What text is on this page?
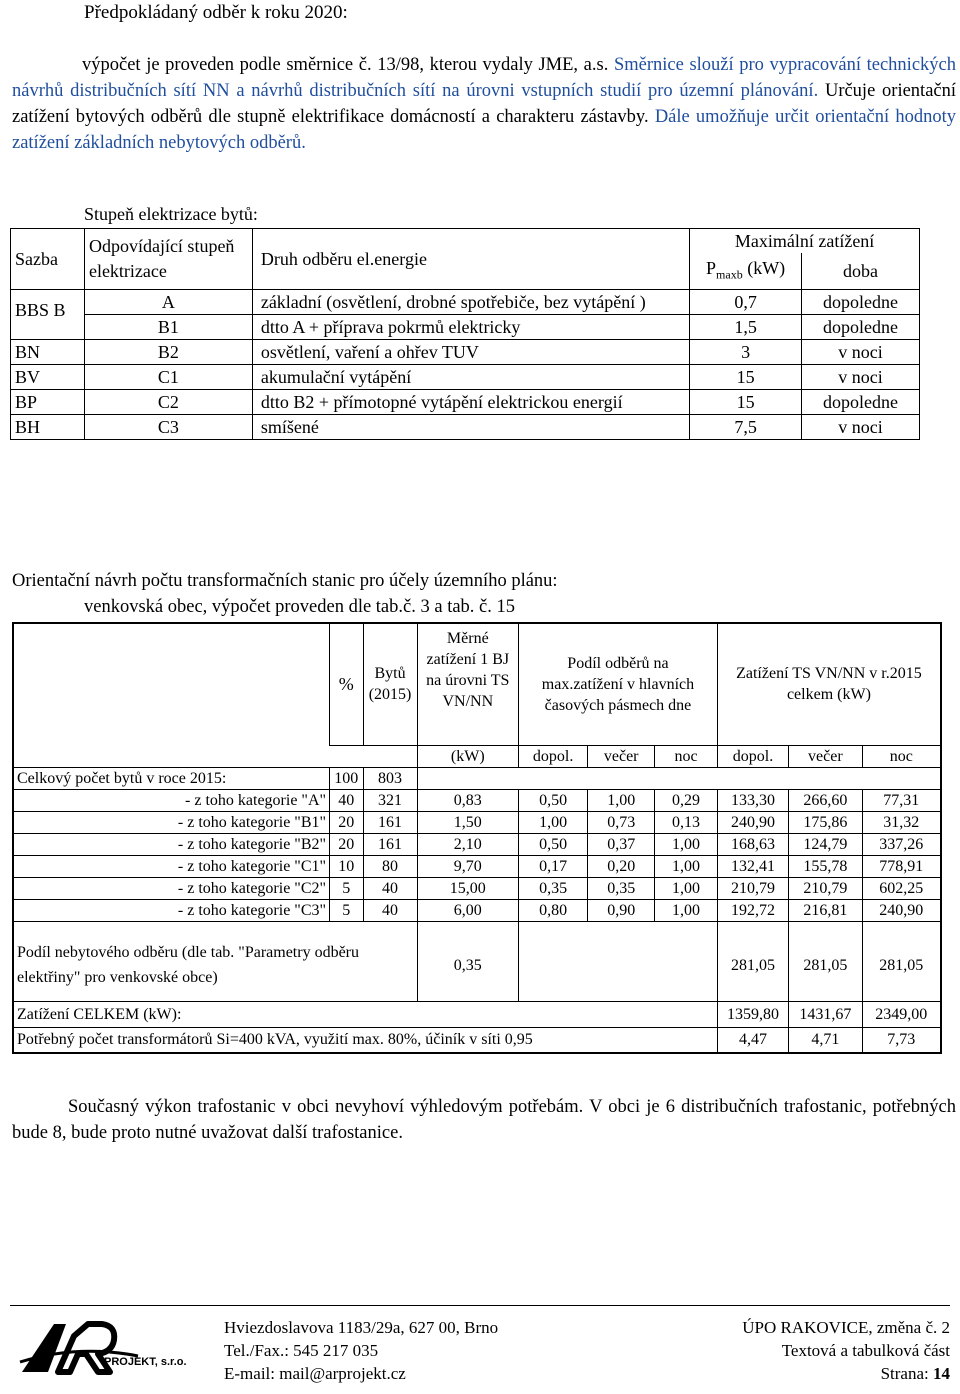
Předpokládaný odběr k roku 2020:
výpočet je proveden podle směrnice č. 13/98, kterou vydaly JME, a.s. Směrnice slouží pro vypracování technických návrhů distribučních sítí NN a návrhů distribučních sítí na úrovni vstupních studií pro územní plánování. Určuje orientační zatížení bytových odběrů dle stupně elektrifikace domácností a charakteru zástavby. Dále umožňuje určit orientační hodnoty zatížení základních nebytových odběrů.
Stupeň elektrizace bytů:
Sazba	Odpovídající stupeň elektrizace	Druh odběru el.energie	Maximální zatížení	
			$P_{maxb}$ (kW)	doba
BBS B	A	základní (osvětlení, drobné spotřebiče, bez vytápění )	0,7	dopoledne
	B1	dtto A + příprava pokrmů elektricky	1,5	dopoledne
BN	B2	osvětlení, vaření a ohřev TUV	3	v noci
BV	C1	akumulační vytápění	15	v noci
BP	C2	dtto B2 + přímotopné vytápění elektrickou energií	15	dopoledne
BH	C3	smíšené	7,5	v noci
Orientační návrh počtu transformačních stanic pro účely územního plánu:
venkovská obec, výpočet proveden dle tab.č. 3 a tab. č. 15
	%	Bytů (2015)	Měrné zatížení 1 BJ na úrovni TS VN/NN	Podíl odběrů na max.zatížení v hlavních časových pásmech dne			Zatížení TS VN/NN v r.2015 celkem (kW)		
			(kW)	dopol.	večer	noc	dopol.	večer	noc
Celkový počet bytů v roce 2015:	100	803							
- z toho kategorie "A"	40	321	0,83	0,50	1,00	0,29	133,30	266,60	77,31
- z toho kategorie "B1"	20	161	1,50	1,00	0,73	0,13	240,90	175,86	31,32
- z toho kategorie "B2"	20	161	2,10	0,50	0,37	1,00	168,63	124,79	337,26
- z toho kategorie "C1"	10	80	9,70	0,17	0,20	1,00	132,41	155,78	778,91
- z toho kategorie "C2"	5	40	15,00	0,35	0,35	1,00	210,79	210,79	602,25
- z toho kategorie "C3"	5	40	6,00	0,80	0,90	1,00	192,72	216,81	240,90
Podíl nebytového odběru (dle tab. "Parametry odběru elektřiny" pro venkovské obce)			0,35				281,05	281,05	281,05
Zatížení CELKEM (kW):							1359,80	1431,67	2349,00
Potřebný počet transformátorů Si=400 kVA, využití max. 80%, účiník v síti 0,95							4,47	4,71	7,73
Současný výkon trafostanic v obci nevyhoví výhledovým potřebám. V obci je 6 distribučních trafostanic, potřebných bude 8, bude proto nutné uvažovat další trafostanice.
PROJEKT, s.r.o.
Hviezdoslavova 1183/29a, 627 00, Brno
Tel./Fax.: 545 217 035
E-mail: mail@arprojekt.cz
ÚPO RAKOVICE, změna č. 2
Textová a tabulková část
Strana: 14
